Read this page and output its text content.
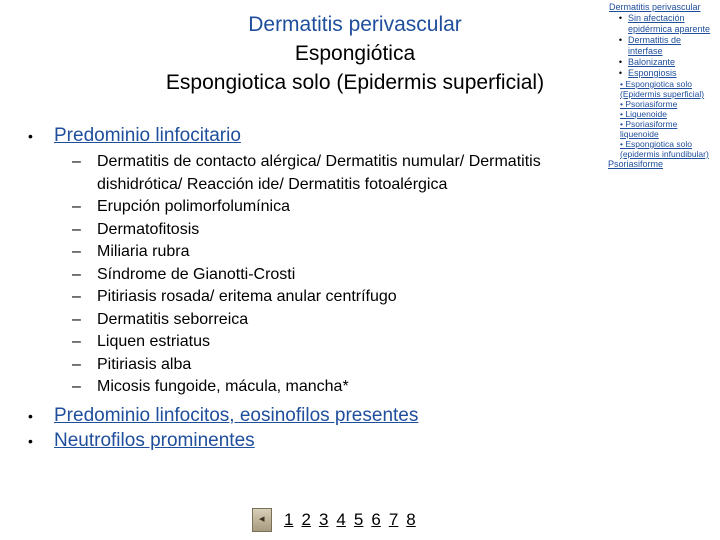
Dermatitis perivascular
Espongiótica
Espongiotica solo (Epidermis superficial)
•	Predominio linfocitario
–	Dermatitis de contacto alérgica/ Dermatitis numular/ Dermatitis dishidrótica/ Reacción ide/ Dermatitis fotoalérgica
–	Erupción polimorfolumínica
–	Dermatofitosis
–	Miliaria rubra
–	Síndrome de Gianotti-Crosti
–	Pitiriasis rosada/ eritema anular centrífugo
–	Dermatitis seborreica
–	Liquen estriatus
–	Pitiriasis alba
–	Micosis fungoide, mácula, mancha*
•	Predominio linfocitos, eosinofilos presentes
•	Neutrofilos prominentes
Dermatitis perivascular
• Sin afectación epidérmica aparente
• Dermatitis de interfase
• Balonizante
• Espongiosis
• Espongiotica solo (Epidermis superficial)
• Psoriasiforme
• Liquenoide
• Psoriasiforme liquenoide
• Espongiotica solo (epidermis infundibular)
Psoriasiforme
◂ 1 2 3 4 5 6 7 8
